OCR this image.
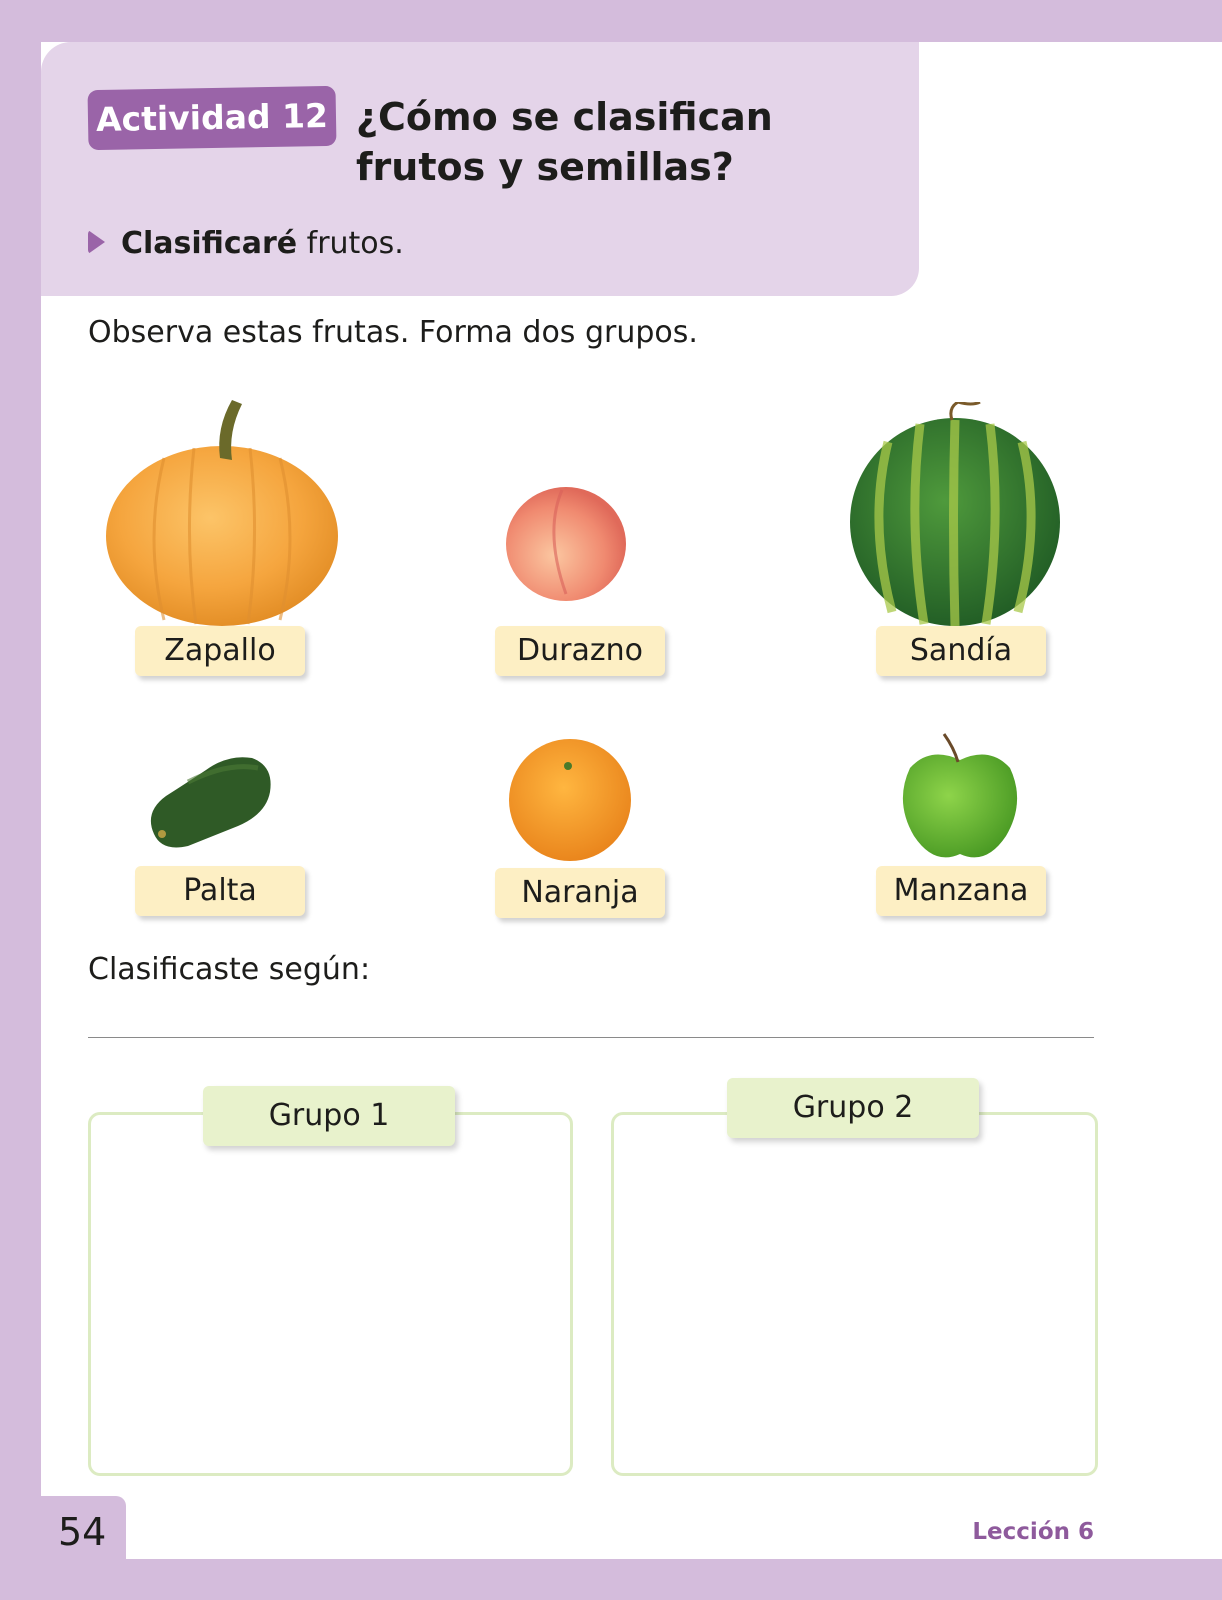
Actividad 12 ¿Cómo se clasifican frutos y semillas?
Clasificaré frutos.
Observa estas frutas. Forma dos grupos.
Zapallo	Durazno	Sandía
Palta	Naranja	Manzana
Clasificaste según:
Grupo 1	Grupo 2
54	Lección 6
